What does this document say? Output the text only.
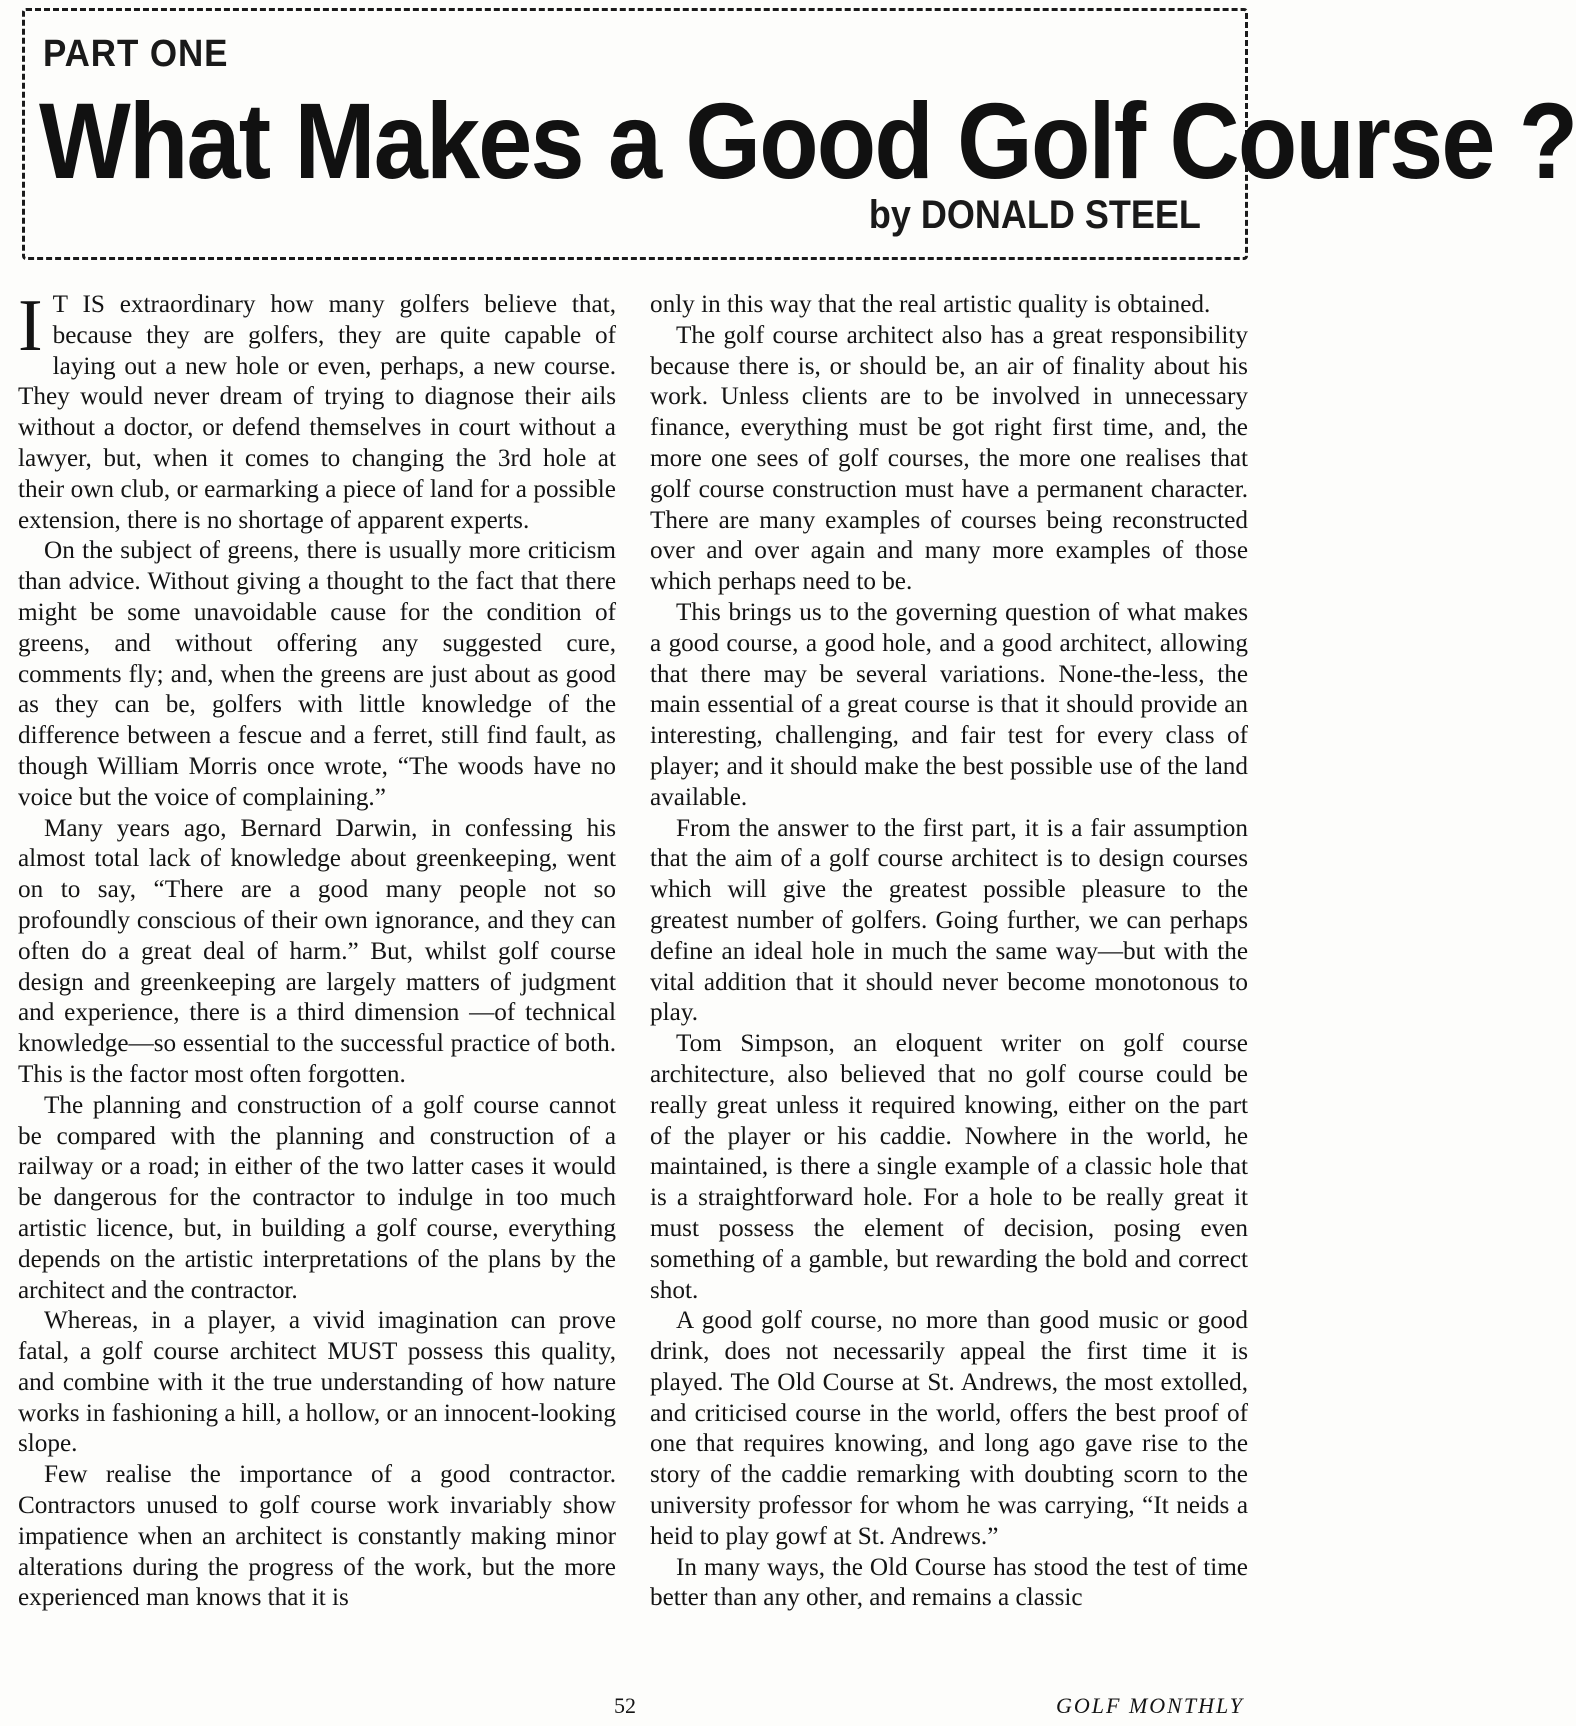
PART ONE
What Makes a Good Golf Course ?
by DONALD STEEL

I T IS extraordinary how many golfers believe that, because they are golfers, they are quite capable of laying out a new hole or even, perhaps, a new course. They would never dream of trying to diagnose their ails without a doctor, or defend themselves in court without a lawyer, but, when it comes to changing the 3rd hole at their own club, or earmarking a piece of land for a possible extension, there is no shortage of apparent experts.

On the subject of greens, there is usually more criticism than advice. Without giving a thought to the fact that there might be some unavoidable cause for the condition of greens, and without offering any suggested cure, comments fly; and, when the greens are just about as good as they can be, golfers with little knowledge of the difference between a fescue and a ferret, still find fault, as though William Morris once wrote, “The woods have no voice but the voice of complaining.”

Many years ago, Bernard Darwin, in confessing his almost total lack of knowledge about greenkeeping, went on to say, “There are a good many people not so profoundly conscious of their own ignorance, and they can often do a great deal of harm.” But, whilst golf course design and greenkeeping are largely matters of judgment and experience, there is a third dimension —of technical knowledge—so essential to the successful practice of both. This is the factor most often forgotten.

The planning and construction of a golf course cannot be compared with the planning and construction of a railway or a road; in either of the two latter cases it would be dangerous for the contractor to indulge in too much artistic licence, but, in building a golf course, everything depends on the artistic interpretations of the plans by the architect and the contractor.

Whereas, in a player, a vivid imagination can prove fatal, a golf course architect MUST possess this quality, and combine with it the true understanding of how nature works in fashioning a hill, a hollow, or an innocent-looking slope.

Few realise the importance of a good contractor. Contractors unused to golf course work invariably show impatience when an architect is constantly making minor alterations during the progress of the work, but the more experienced man knows that it is

only in this way that the real artistic quality is obtained.

The golf course architect also has a great responsibility because there is, or should be, an air of finality about his work. Unless clients are to be involved in unnecessary finance, everything must be got right first time, and, the more one sees of golf courses, the more one realises that golf course construction must have a permanent character. There are many examples of courses being reconstructed over and over again and many more examples of those which perhaps need to be.

This brings us to the governing question of what makes a good course, a good hole, and a good architect, allowing that there may be several variations. None-the-less, the main essential of a great course is that it should provide an interesting, challenging, and fair test for every class of player; and it should make the best possible use of the land available.

From the answer to the first part, it is a fair assumption that the aim of a golf course architect is to design courses which will give the greatest possible pleasure to the greatest number of golfers. Going further, we can perhaps define an ideal hole in much the same way—but with the vital addition that it should never become monotonous to play.

Tom Simpson, an eloquent writer on golf course architecture, also believed that no golf course could be really great unless it required knowing, either on the part of the player or his caddie. Nowhere in the world, he maintained, is there a single example of a classic hole that is a straightforward hole. For a hole to be really great it must possess the element of decision, posing even something of a gamble, but rewarding the bold and correct shot.

A good golf course, no more than good music or good drink, does not necessarily appeal the first time it is played. The Old Course at St. Andrews, the most extolled, and criticised course in the world, offers the best proof of one that requires knowing, and long ago gave rise to the story of the caddie remarking with doubting scorn to the university professor for whom he was carrying, “It neids a heid to play gowf at St. Andrews.”

In many ways, the Old Course has stood the test of time better than any other, and remains a classic

52	GOLF MONTHLY
